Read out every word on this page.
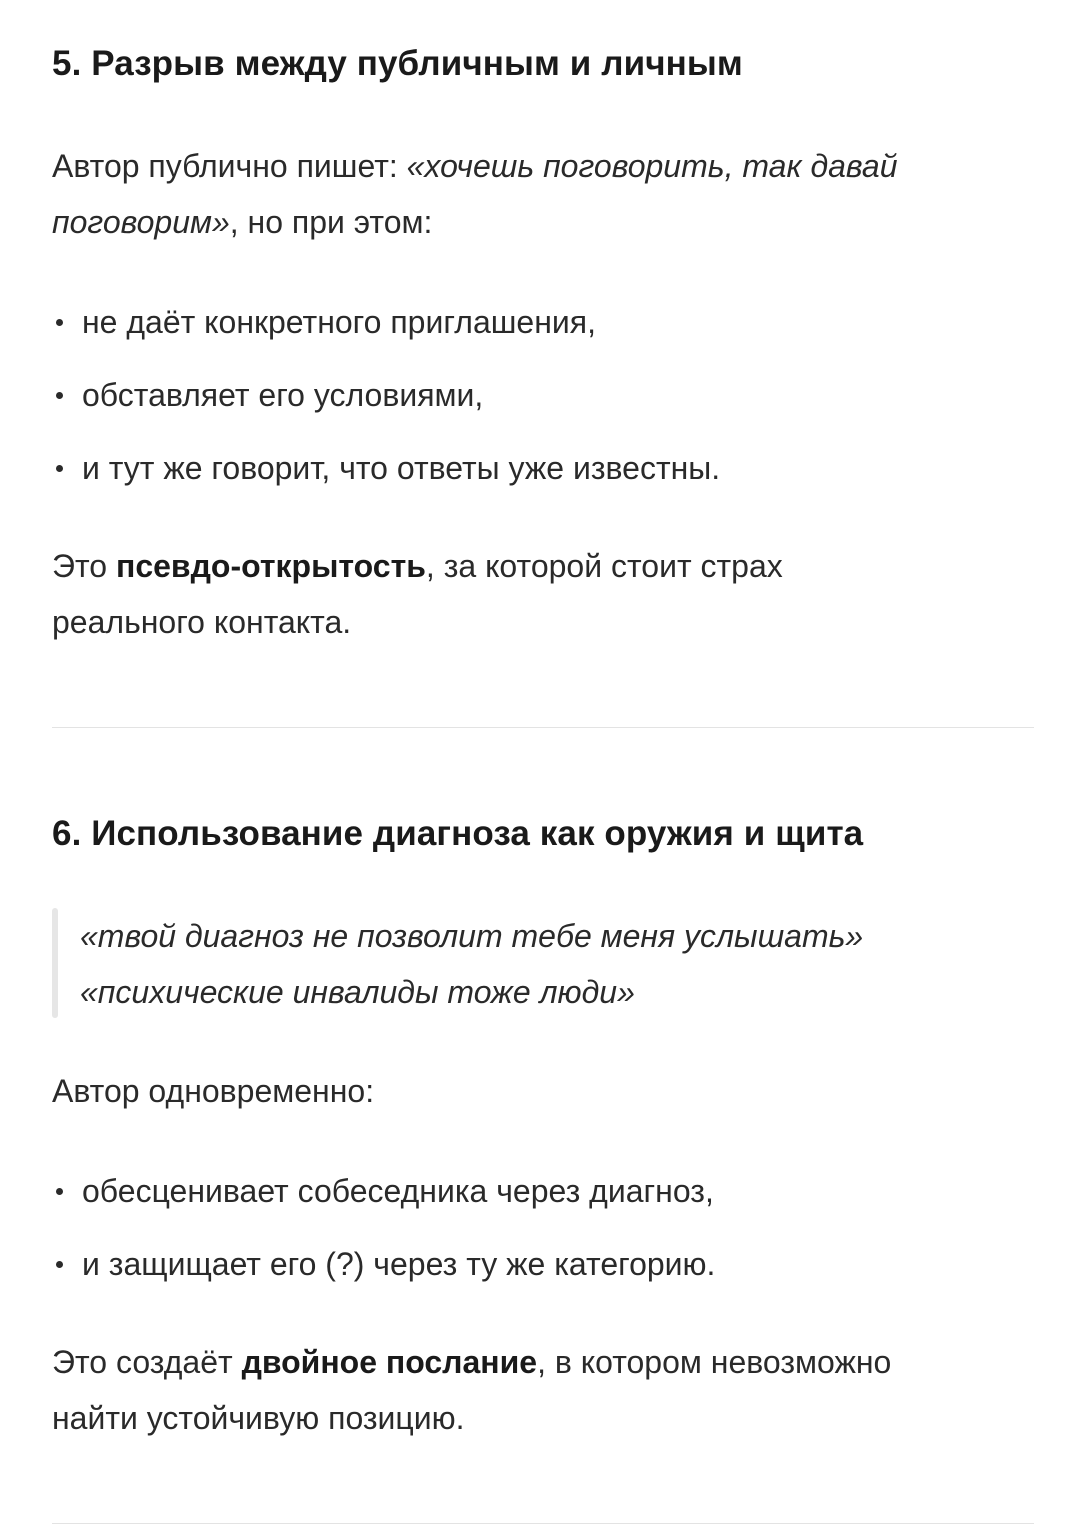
5. Разрыв между публичным и личным

Автор публично пишет: «хочешь поговорить, так давай
поговорим», но при этом:

не даёт конкретного приглашения,
обставляет его условиями,
и тут же говорит, что ответы уже известны.

Это псевдо-открытость, за которой стоит страх
реального контакта.

6. Использование диагноза как оружия и щита
«твой диагноз не позволит тебе меня услышать»
«психические инвалиды тоже люди»

Автор одновременно:

обесценивает собеседника через диагноз,
и защищает его (?) через ту же категорию.

Это создаёт двойное послание, в котором невозможно
найти устойчивую позицию.
